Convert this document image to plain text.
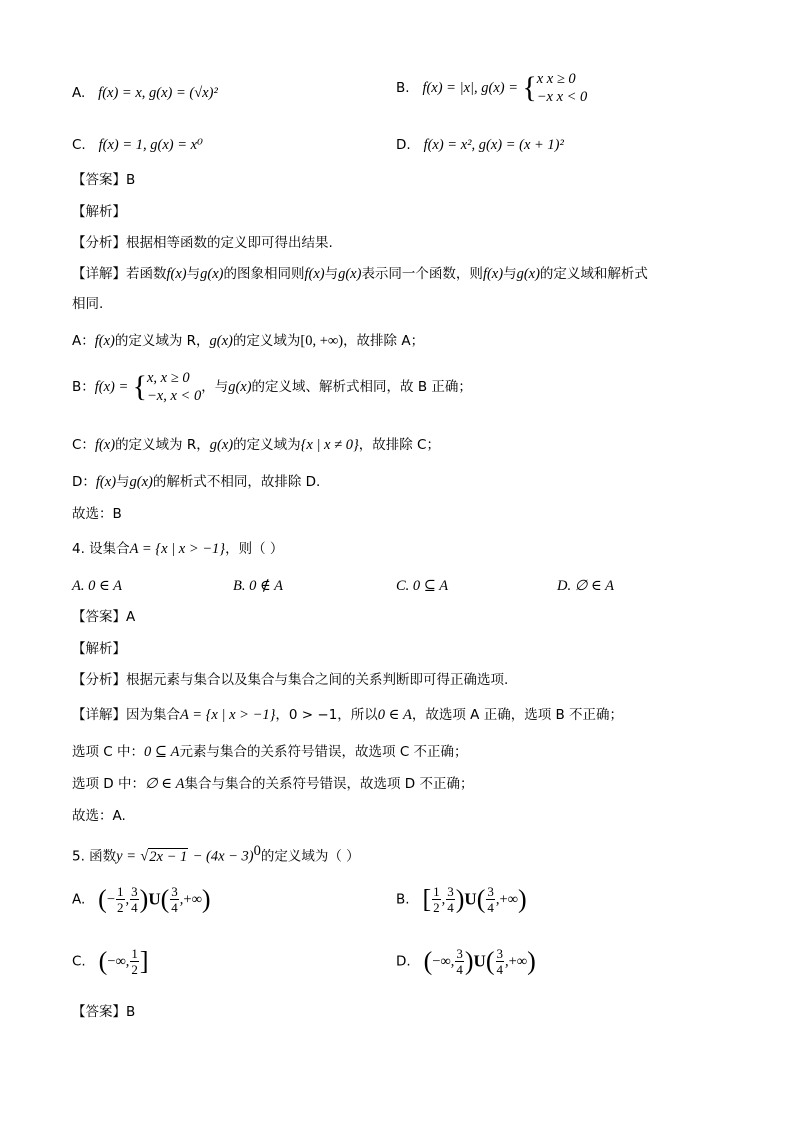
A. f(x) = x, g(x) = (√x)²	B. f(x) = |x|, g(x) = { x x ≥ 0
−x x < 0
C. f(x) = 1, g(x) = x⁰	D. f(x) = x², g(x) = (x + 1)²
【答案】B
【解析】
【分析】根据相等函数的定义即可得出结果.
【详解】若函数f(x)与g(x)的图象相同则f(x)与g(x)表示同一个函数，则f(x)与g(x)的定义域和解析式
相同.
A：f(x)的定义域为 R，g(x)的定义域为[0, +∞)，故排除 A；
B：f(x) = { x, x ≥ 0
−x, x < 0
，与g(x)的定义域、解析式相同，故 B 正确；
C：f(x)的定义域为 R，g(x)的定义域为{x | x ≠ 0}，故排除 C；
D：f(x)与g(x)的解析式不相同，故排除 D.
故选：B
4. 设集合A = {x | x > −1}，则（ ）
A. 0 ∈ A	B. 0 ∉ A	C. 0 ⊆ A	D. ∅ ∈ A
【答案】A
【解析】
【分析】根据元素与集合以及集合与集合之间的关系判断即可得正确选项.
【详解】因为集合A = {x | x > −1}，0 > −1，所以0 ∈ A，故选项 A 正确，选项 B 不正确；
选项 C 中：0 ⊆ A元素与集合的关系符号错误，故选项 C 不正确；
选项 D 中：∅ ∈ A集合与集合的关系符号错误，故选项 D 不正确；
故选：A.
5. 函数$y = √2x - 1 - (4x - 3)^0$的定义域为（ ）
A. (− $\frac{1}{2}$ , $\frac{3}{4} )U( \frac{3}{4}$ ,+∞)	B. [ $\frac{1}{2}$ , $\frac{3}{4} )U( \frac{3}{4}$ ,+∞)
C. (−∞, $\frac{1}{2}$ ]	D. (−∞, $\frac{3}{4} )U( \frac{3}{4}$ ,+∞)
【答案】B
